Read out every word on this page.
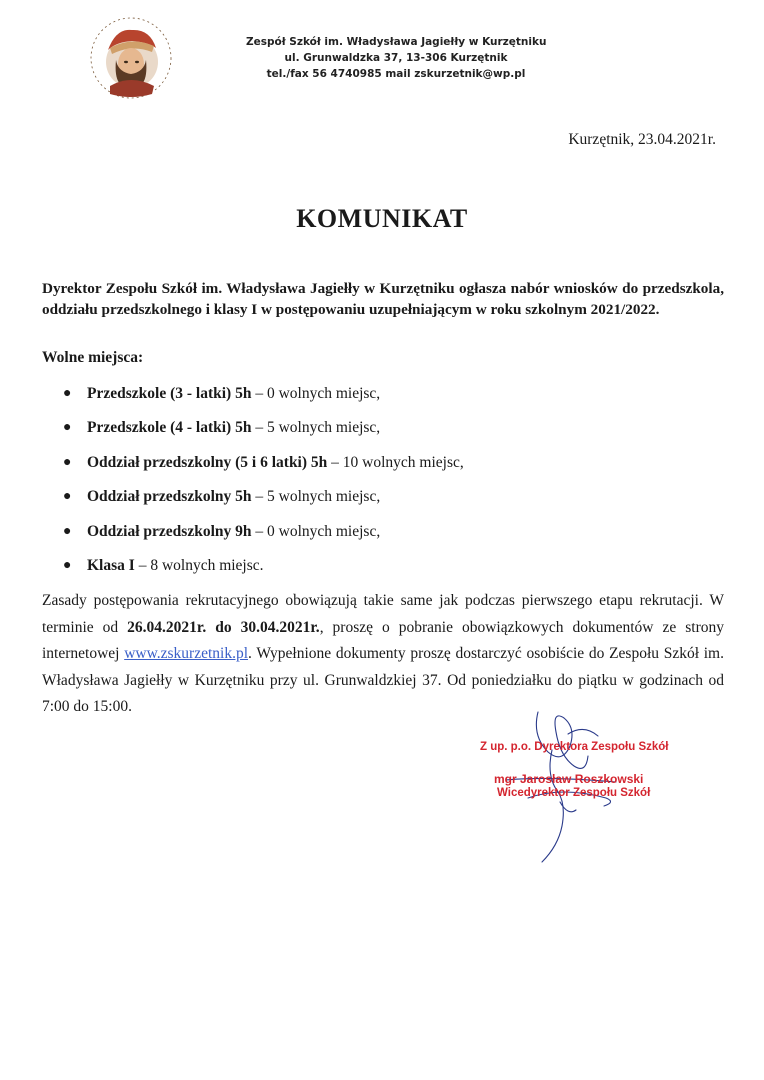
Zespół Szkół im. Władysława Jagiełły w Kurzętniku
ul. Grunwaldzka 37, 13-306 Kurzętnik
tel./fax 56 4740985 mail zskurzetnik@wp.pl
Kurzętnik, 23.04.2021r.
KOMUNIKAT
Dyrektor Zespołu Szkół im. Władysława Jagiełły w Kurzętniku ogłasza nabór wniosków do przedszkola, oddziału przedszkolnego i klasy I w postępowaniu uzupełniającym w roku szkolnym 2021/2022.
Wolne miejsca:
● Przedszkole (3 - latki) 5h – 0 wolnych miejsc,
● Przedszkole (4 - latki) 5h – 5 wolnych miejsc,
● Oddział przedszkolny (5 i 6 latki) 5h – 10 wolnych miejsc,
● Oddział przedszkolny 5h – 5 wolnych miejsc,
● Oddział przedszkolny 9h – 0 wolnych miejsc,
● Klasa I – 8 wolnych miejsc.
Zasady postępowania rekrutacyjnego obowiązują takie same jak podczas pierwszego etapu rekrutacji. W terminie od 26.04.2021r. do 30.04.2021r., proszę o pobranie obowiązkowych dokumentów ze strony internetowej www.zskurzetnik.pl. Wypełnione dokumenty proszę dostarczyć osobiście do Zespołu Szkół im. Władysława Jagiełły w Kurzętniku przy ul. Grunwaldzkiej 37. Od poniedziałku do piątku w godzinach od 7:00 do 15:00.
Z up. p.o. Dyrektora Zespołu Szkół
mgr Jarosław Roszkowski
Wicedyrektor Zespołu Szkół
